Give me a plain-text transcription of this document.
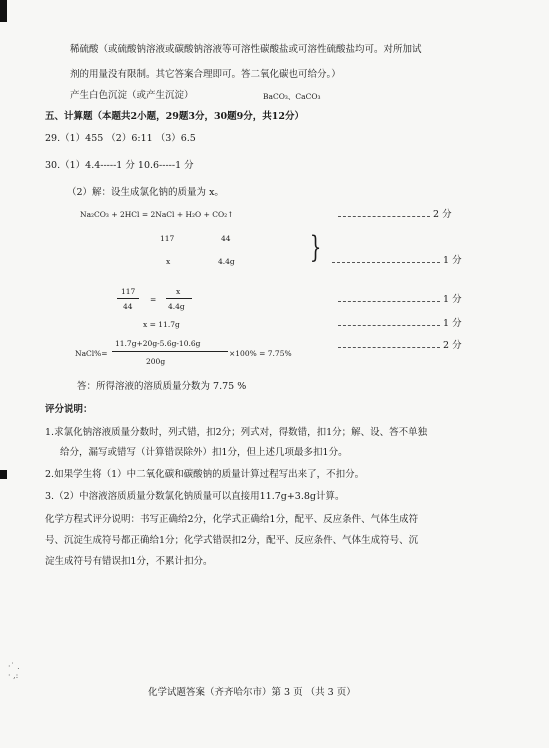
·˙ .
· ,:
稀硫酸（或硫酸钠溶液或碳酸钠溶液等可溶性碳酸盐或可溶性硫酸盐均可。对所加试
剂的用量没有限制。其它答案合理即可。答二氧化碳也可给分。）
产生白色沉淀（或产生沉淀）	BaCO₃、CaCO₃
五、计算题（本题共2小题，29题3分，30题9分，共12分）
29.（1）455 （2）6:11 （3）6.5
30.（1）4.4-----1 分 10.6-----1 分
（2）解：设生成氯化钠的质量为 x。
Na₂CO₃ + 2HCl = 2NaCl + H₂O + CO₂↑	2 分
117	44
x	4.4g	}	1 分
117
44
=
x
4.4g
1 分
x = 11.7g	1 分
NaCl%=
11.7g+20g-5.6g-10.6g
200g
×100% = 7.75%
2 分
答：所得溶液的溶质质量分数为 7.75 %
评分说明：
1.求氯化钠溶液质量分数时，列式错，扣2分；列式对，得数错，扣1分；解、设、答不单独
给分，漏写或错写（计算错误除外）扣1分，但上述几项最多扣1分。
2.如果学生将（1）中二氧化碳和碳酸钠的质量计算过程写出来了，不扣分。
3.（2）中溶液溶质质量分数氯化钠质量可以直接用11.7g+3.8g计算。
化学方程式评分说明：书写正确给2分，化学式正确给1分，配平、反应条件、气体生成符
号、沉淀生成符号都正确给1分；化学式错误扣2分，配平、反应条件、气体生成符号、沉
淀生成符号有错误扣1分，不累计扣分。
化学试题答案（齐齐哈尔市）第 3 页 （共 3 页）
